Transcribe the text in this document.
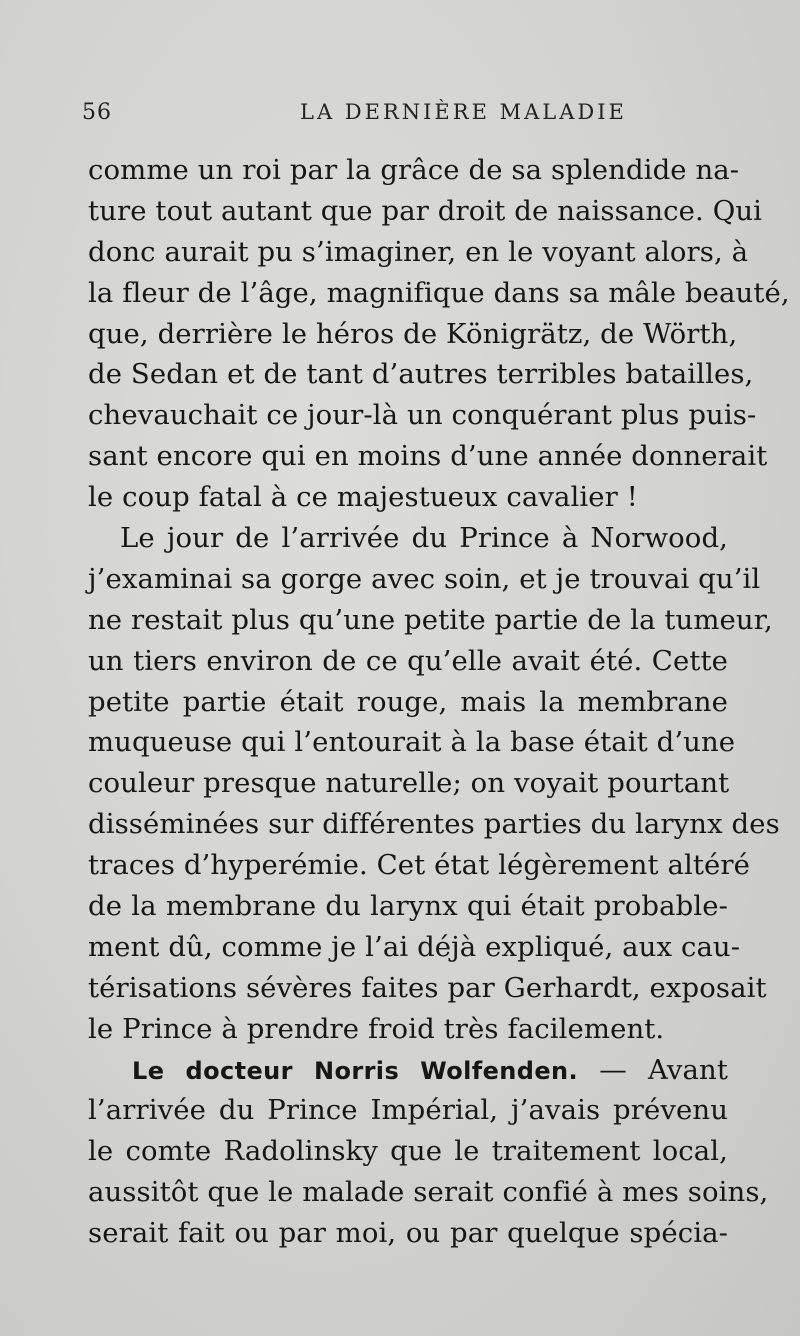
56	LA DERNIÈRE MALADIE
comme un roi par la grâce de sa splendide na-
ture tout autant que par droit de naissance. Qui
donc aurait pu s’imaginer, en le voyant alors, à
la fleur de l’âge, magnifique dans sa mâle beauté,
que, derrière le héros de Königrätz, de Wörth,
de Sedan et de tant d’autres terribles batailles,
chevauchait ce jour-là un conquérant plus puis-
sant encore qui en moins d’une année donnerait
le coup fatal à ce majestueux cavalier !
Le jour de l’arrivée du Prince à Norwood,
j’examinai sa gorge avec soin, et je trouvai qu’il
ne restait plus qu’une petite partie de la tumeur,
un tiers environ de ce qu’elle avait été. Cette
petite partie était rouge, mais la membrane
muqueuse qui l’entourait à la base était d’une
couleur presque naturelle; on voyait pourtant
disséminées sur différentes parties du larynx des
traces d’hyperémie. Cet état légèrement altéré
de la membrane du larynx qui était probable-
ment dû, comme je l’ai déjà expliqué, aux cau-
térisations sévères faites par Gerhardt, exposait
le Prince à prendre froid très facilement.
Le docteur Norris Wolfenden. — Avant
l’arrivée du Prince Impérial, j’avais prévenu
le comte Radolinsky que le traitement local,
aussitôt que le malade serait confié à mes soins,
serait fait ou par moi, ou par quelque spécia-
